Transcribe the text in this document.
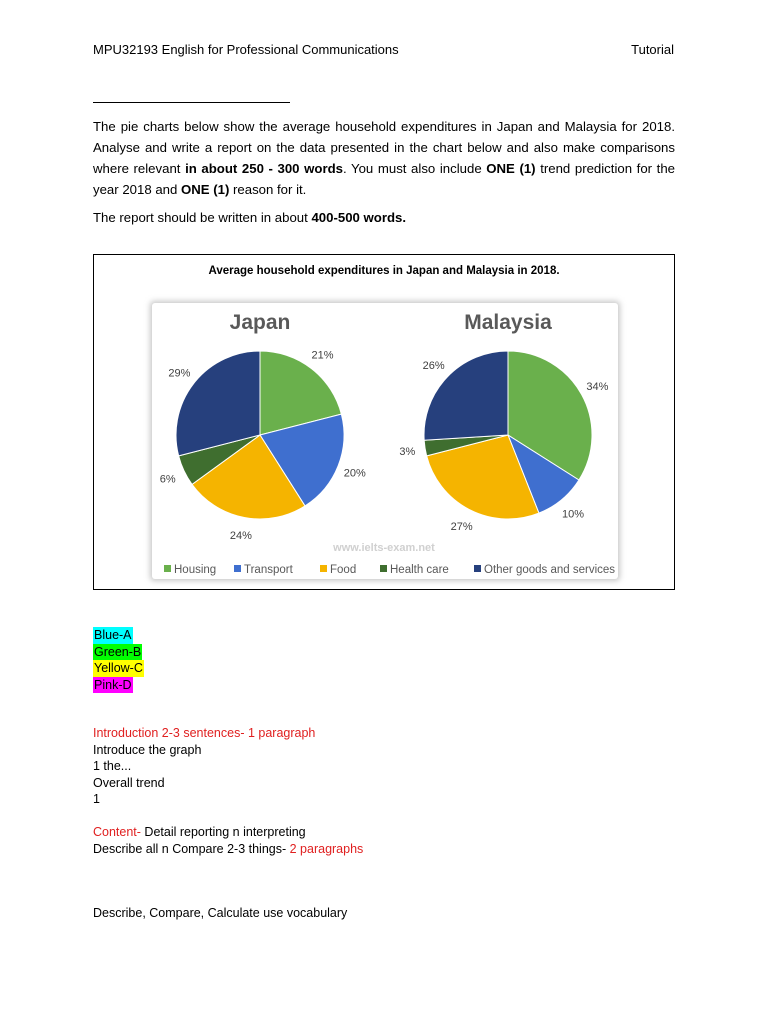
MPU32193 English for Professional Communications	Tutorial
The pie charts below show the average household expenditures in Japan and Malaysia for 2018. Analyse and write a report on the data presented in the chart below and also make comparisons where relevant in about 250 - 300 words. You must also include ONE (1) trend prediction for the year 2018 and ONE (1) reason for it.
The report should be written in about 400-500 words.
www.ielts-exam.net
Japan
21%
20%
24%
6%
29%
Malaysia
34%
10%
27%
3%
26%
Housing Transport	Food	Health care	Other goods and services
Average household expenditures in Japan and Malaysia in 2018.
Blue-A
Green-B
Yellow-C
Pink-D
Introduction 2-3 sentences- 1 paragraph
Introduce the graph
1 the...
Overall trend
1
Content- Detail reporting n interpreting
Describe all n Compare 2-3 things- 2 paragraphs
Describe, Compare, Calculate use vocabulary
